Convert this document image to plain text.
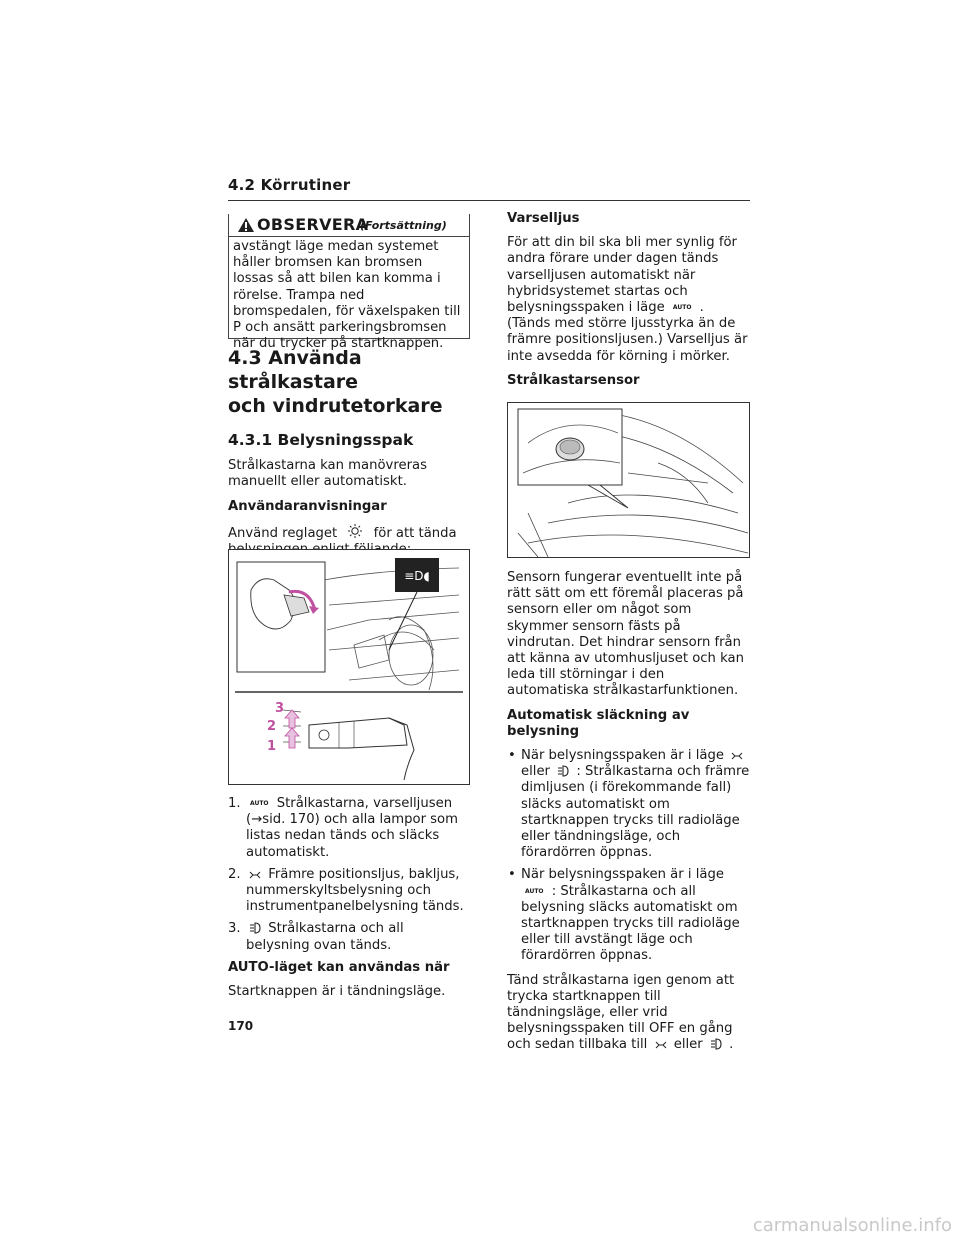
4.2 Körrutiner
OBSERVERA
(Fortsättning)
avstängt läge medan systemet håller bromsen kan bromsen lossas så att bilen kan komma i rörelse. Trampa ned bromspedalen, för växelspaken till P och ansätt parkeringsbromsen när du trycker på startknappen.
4.3 Använda strålkastare
och vindrutetorkare
4.3.1 Belysningsspak

Strålkastarna kan manövreras manuellt eller automatiskt.

Användaranvisningar

Använd reglaget	för att tända

≡D◖
3
2
1
1. AUTO Strålkastarna, varselljusen (→sid. 170) och alla lampor som listas nedan tänds och släcks automatiskt.
2. Främre positionsljus, bakljus, nummerskyltsbelysning och instrumentpanelbelysning tänds.
3. Strålkastarna och all belysning ovan tänds.

AUTO-läget kan användas när

Startknappen är i tändningsläge.

Varselljus

För att din bil ska bli mer synlig för andra förare under dagen tänds varselljusen automatiskt när hybridsystemet startas och belysningsspaken i läge AUTO . (Tänds med större ljusstyrka än de främre positionsljusen.) Varselljus är inte avsedda för körning i mörker.

Strålkastarsensor

Sensorn fungerar eventuellt inte på rätt sätt om ett föremål placeras på sensorn eller om något som skymmer sensorn fästs på vindrutan. Det hindrar sensorn från att känna av utomhusljuset och kan leda till störningar i den automatiska strålkastarfunktionen.

Automatisk släckning av belysning

• När belysningsspaken är i läge  eller : Strålkastarna och främre dimljusen (i förekommande fall) släcks automatiskt om startknappen trycks till radioläge eller tändningsläge, och förardörren öppnas.
• När belysningsspaken är i läge AUTO : Strålkastarna och all belysning släcks automatiskt om startknappen trycks till radioläge eller till avstängt läge och förardörren öppnas.

Tänd strålkastarna igen genom att trycka startknappen till tändningsläge, eller vrid belysningsspaken till OFF en gång och sedan tillbaka till eller .

170
carmanualsonline.info
